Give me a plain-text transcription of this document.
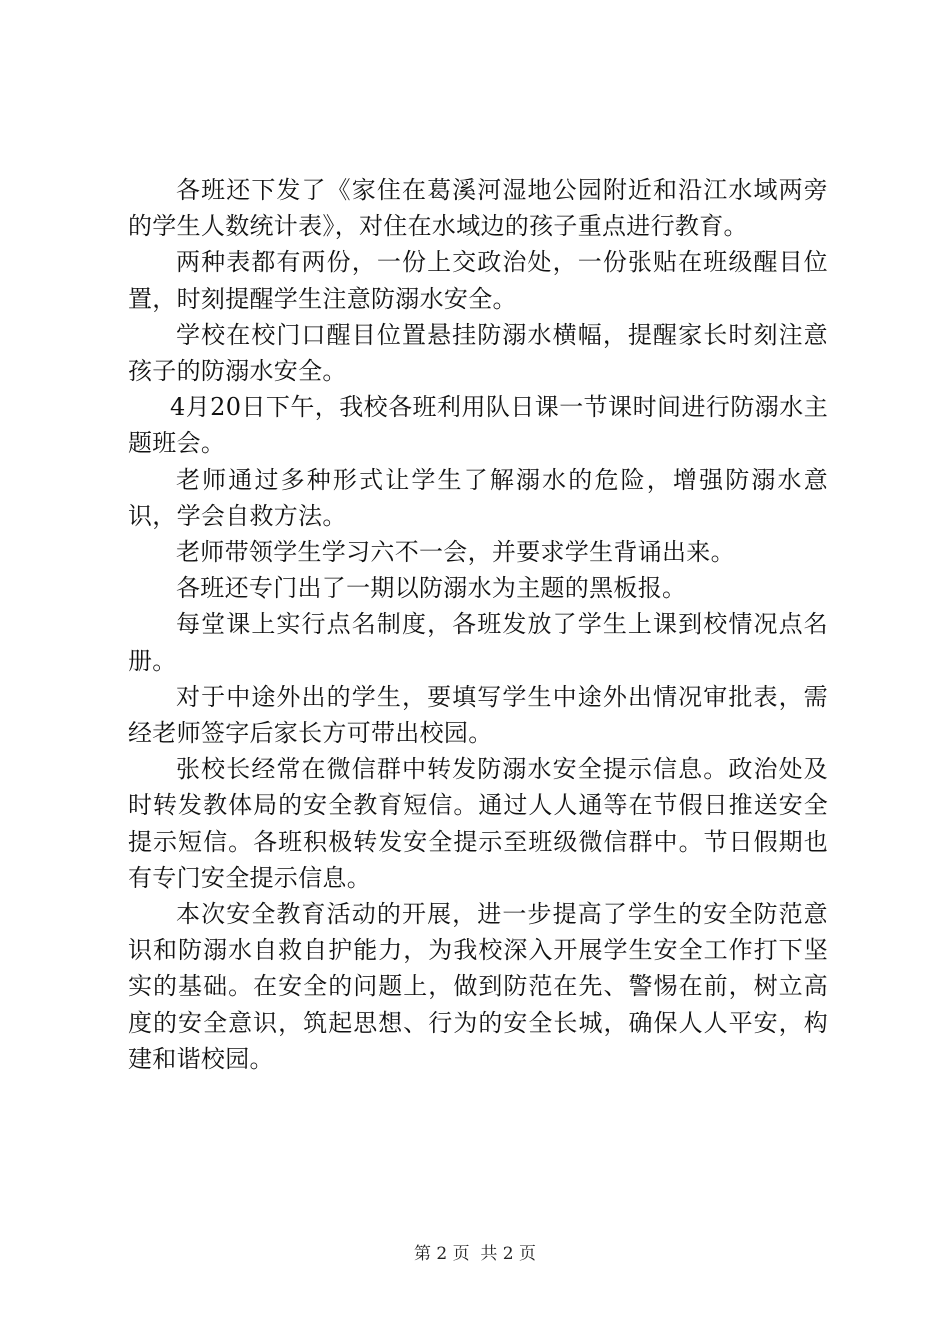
各班还下发了《家住在葛溪河湿地公园附近和沿江水域两旁的学生人数统计表》，对住在水域边的孩子重点进行教育。

两种表都有两份，一份上交政治处，一份张贴在班级醒目位置，时刻提醒学生注意防溺水安全。

学校在校门口醒目位置悬挂防溺水横幅，提醒家长时刻注意孩子的防溺水安全。

4月20日下午，我校各班利用队日课一节课时间进行防溺水主题班会。

老师通过多种形式让学生了解溺水的危险，增强防溺水意识，学会自救方法。

老师带领学生学习六不一会，并要求学生背诵出来。

各班还专门出了一期以防溺水为主题的黑板报。

每堂课上实行点名制度，各班发放了学生上课到校情况点名册。

对于中途外出的学生，要填写学生中途外出情况审批表，需经老师签字后家长方可带出校园。

张校长经常在微信群中转发防溺水安全提示信息。政治处及时转发教体局的安全教育短信。通过人人通等在节假日推送安全提示短信。各班积极转发安全提示至班级微信群中。节日假期也有专门安全提示信息。

本次安全教育活动的开展，进一步提高了学生的安全防范意识和防溺水自救自护能力，为我校深入开展学生安全工作打下坚实的基础。在安全的问题上，做到防范在先、警惕在前，树立高度的安全意识，筑起思想、行为的安全长城，确保人人平安，构建和谐校园。

第 2 页  共 2 页
